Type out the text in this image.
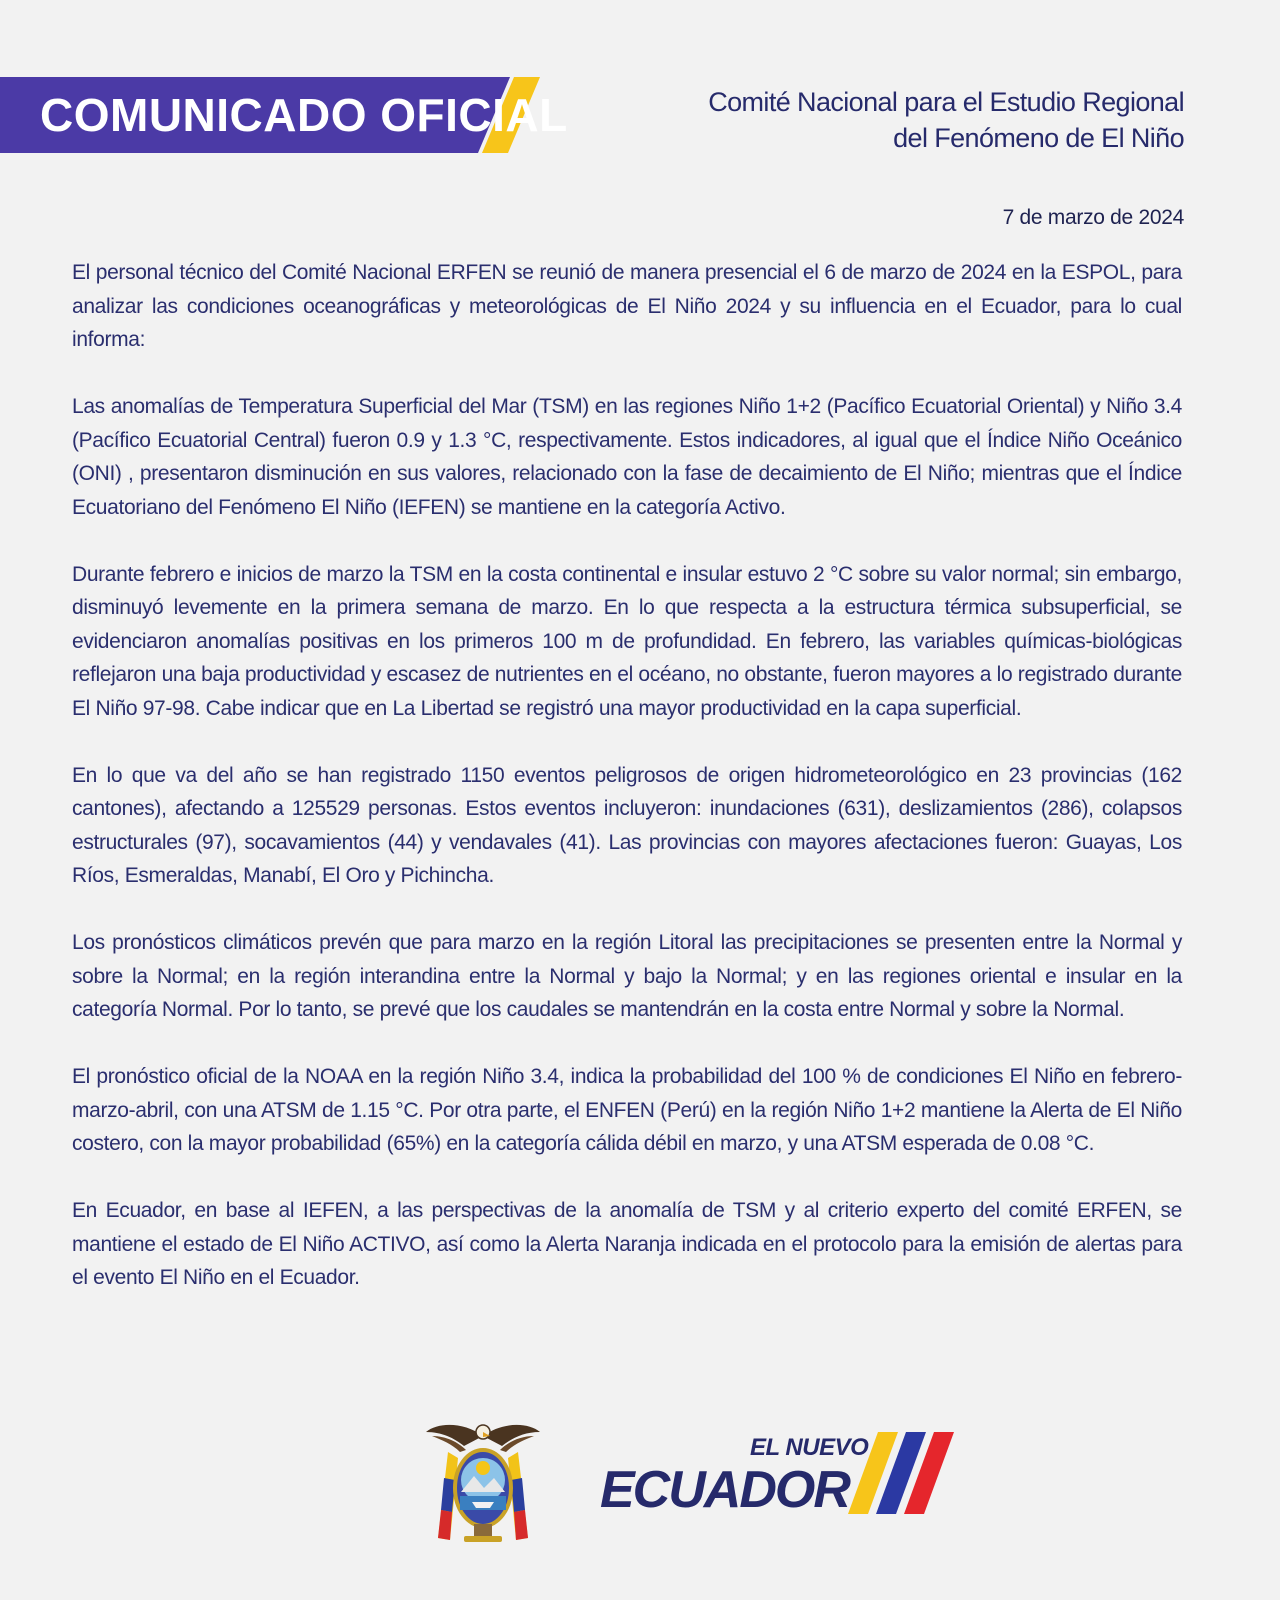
COMUNICADO OFICIAL	Comité Nacional para el Estudio Regional
del Fenómeno de El Niño
7 de marzo de 2024

El personal técnico del Comité Nacional ERFEN se reunió de manera presencial el 6 de marzo de 2024 en la ESPOL, para analizar las condiciones oceanográficas y meteorológicas de El Niño 2024 y su influencia en el Ecuador, para lo cual informa:

Las anomalías de Temperatura Superficial del Mar (TSM) en las regiones Niño 1+2 (Pacífico Ecuatorial Oriental) y Niño 3.4 (Pacífico Ecuatorial Central) fueron 0.9 y 1.3 °C, respectivamente. Estos indicadores, al igual que el Índice Niño Oceánico (ONI) , presentaron disminución en sus valores, relacionado con la fase de decaimiento de El Niño; mientras que el Índice Ecuatoriano del Fenómeno El Niño (IEFEN) se mantiene en la categoría Activo.

Durante febrero e inicios de marzo la TSM en la costa continental e insular estuvo 2 °C sobre su valor normal; sin embargo, disminuyó levemente en la primera semana de marzo. En lo que respecta a la estructura térmica subsuperficial, se evidenciaron anomalías positivas en los primeros 100 m de profundidad. En febrero, las variables químicas-biológicas reflejaron una baja productividad y escasez de nutrientes en el océano, no obstante, fueron mayores a lo registrado durante El Niño 97-98. Cabe indicar que en La Libertad se registró una mayor productividad en la capa superficial.

En lo que va del año se han registrado 1150 eventos peligrosos de origen hidrometeorológico en 23 provincias (162 cantones), afectando a 125529 personas. Estos eventos incluyeron: inundaciones (631), deslizamientos (286), colapsos estructurales (97), socavamientos (44) y vendavales (41). Las provincias con mayores afectaciones fueron: Guayas, Los Ríos, Esmeraldas, Manabí, El Oro y Pichincha.

Los pronósticos climáticos prevén que para marzo en la región Litoral las precipitaciones se presenten entre la Normal y sobre la Normal; en la región interandina entre la Normal y bajo la Normal; y en las regiones oriental e insular en la categoría Normal. Por lo tanto, se prevé que los caudales se mantendrán en la costa entre Normal y sobre la Normal.

El pronóstico oficial de la NOAA en la región Niño 3.4, indica la probabilidad del 100 % de condiciones El Niño en febrero-marzo-abril, con una ATSM de 1.15 °C. Por otra parte, el ENFEN (Perú) en la región Niño 1+2 mantiene la Alerta de El Niño costero, con la mayor probabilidad (65%) en la categoría cálida débil en marzo, y una ATSM esperada de 0.08 °C.

En Ecuador, en base al IEFEN, a las perspectivas de la anomalía de TSM y al criterio experto del comité ERFEN, se mantiene el estado de El Niño ACTIVO, así como la Alerta Naranja indicada en el protocolo para la emisión de alertas para el evento El Niño en el Ecuador.

EL NUEVO
ECUADOR
